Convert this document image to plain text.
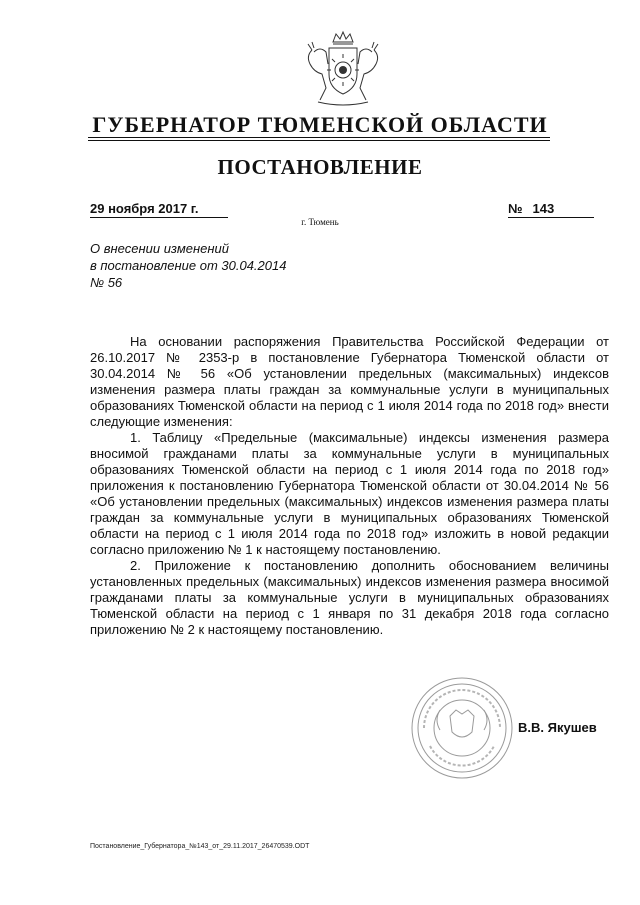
ГУБЕРНАТОР ТЮМЕНСКОЙ ОБЛАСТИ
ПОСТАНОВЛЕНИЕ
29 ноября 2017 г.	№ 143
г. Тюмень
О внесении изменений
в постановление от 30.04.2014
№ 56

На основании распоряжения Правительства Российской Федерации от 26.10.2017 № 2353-р в постановление Губернатора Тюменской области от 30.04.2014 № 56 «Об установлении предельных (максимальных) индексов изменения размера платы граждан за коммунальные услуги в муниципальных образованиях Тюменской области на период с 1 июля 2014 года по 2018 год» внести следующие изменения:

1. Таблицу «Предельные (максимальные) индексы изменения размера вносимой гражданами платы за коммунальные услуги в муниципальных образованиях Тюменской области на период с 1 июля 2014 года по 2018 год» приложения к постановлению Губернатора Тюменской области от 30.04.2014 № 56 «Об установлении предельных (максимальных) индексов изменения размера платы граждан за коммунальные услуги в муниципальных образованиях Тюменской области на период с 1 июля 2014 года по 2018 год» изложить в новой редакции согласно приложению № 1 к настоящему постановлению.

2. Приложение к постановлению дополнить обоснованием величины установленных предельных (максимальных) индексов изменения размера вносимой гражданами платы за коммунальные услуги в муниципальных образованиях Тюменской области на период с 1 января по 31 декабря 2018 года согласно приложению № 2 к настоящему постановлению.

В.В. Якушев
Постановление_Губернатора_№143_от_29.11.2017_26470539.ODT
